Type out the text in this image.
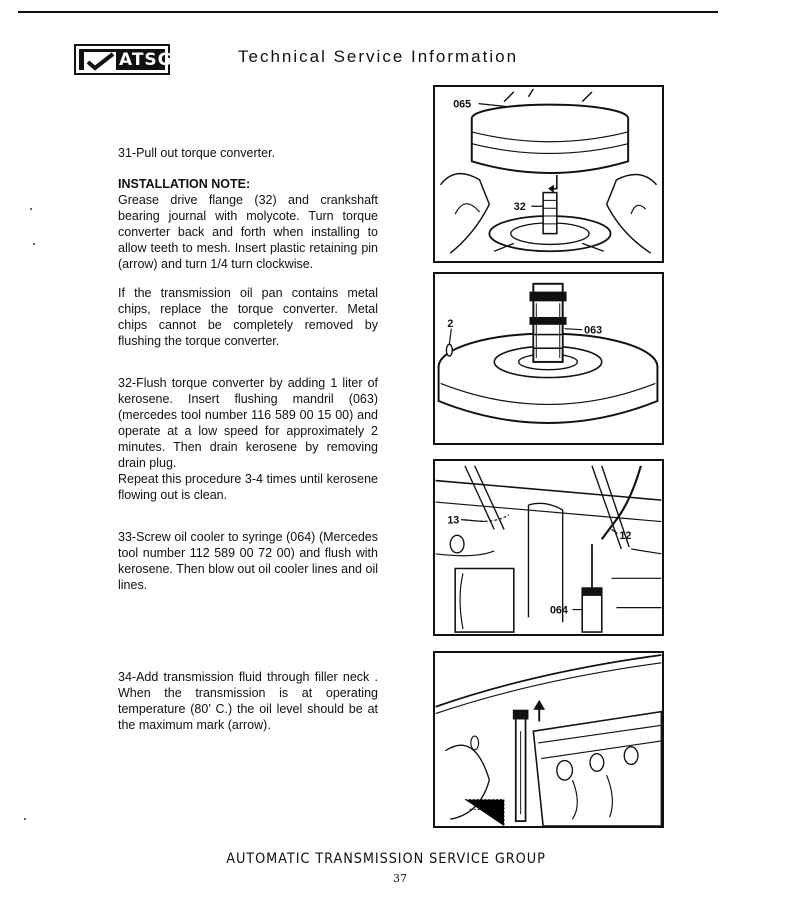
ATSG	Technical Service Information

31-Pull out torque converter.

INSTALLATION NOTE:
Grease drive flange (32) and crankshaft bearing journal with molycote. Turn torque converter back and forth when installing to allow teeth to mesh. Insert plastic retaining pin (arrow) and turn 1/4 turn clockwise.

If the transmission oil pan contains metal chips, replace the torque converter. Metal chips cannot be completely removed by flushing the torque converter.

32-Flush torque converter by adding 1 liter of kerosene. Insert flushing mandril (063) (mercedes tool number 116 589 00 15 00) and operate at a low speed for approximately 2 minutes. Then drain kerosene by removing drain plug.
Repeat this procedure 3-4 times until kerosene flowing out is clean.

33-Screw oil cooler to syringe (064) (Mercedes tool number 112 589 00 72 00) and flush with kerosene. Then blow out oil cooler lines and oil lines.

34-Add transmission fluid through filler neck . When the transmission is at operating temperature (80’ C.) the oil level should be at the maximum mark (arrow).

065
32
2
063
13
12
064
AUTOMATIC TRANSMISSION SERVICE GROUP
37
